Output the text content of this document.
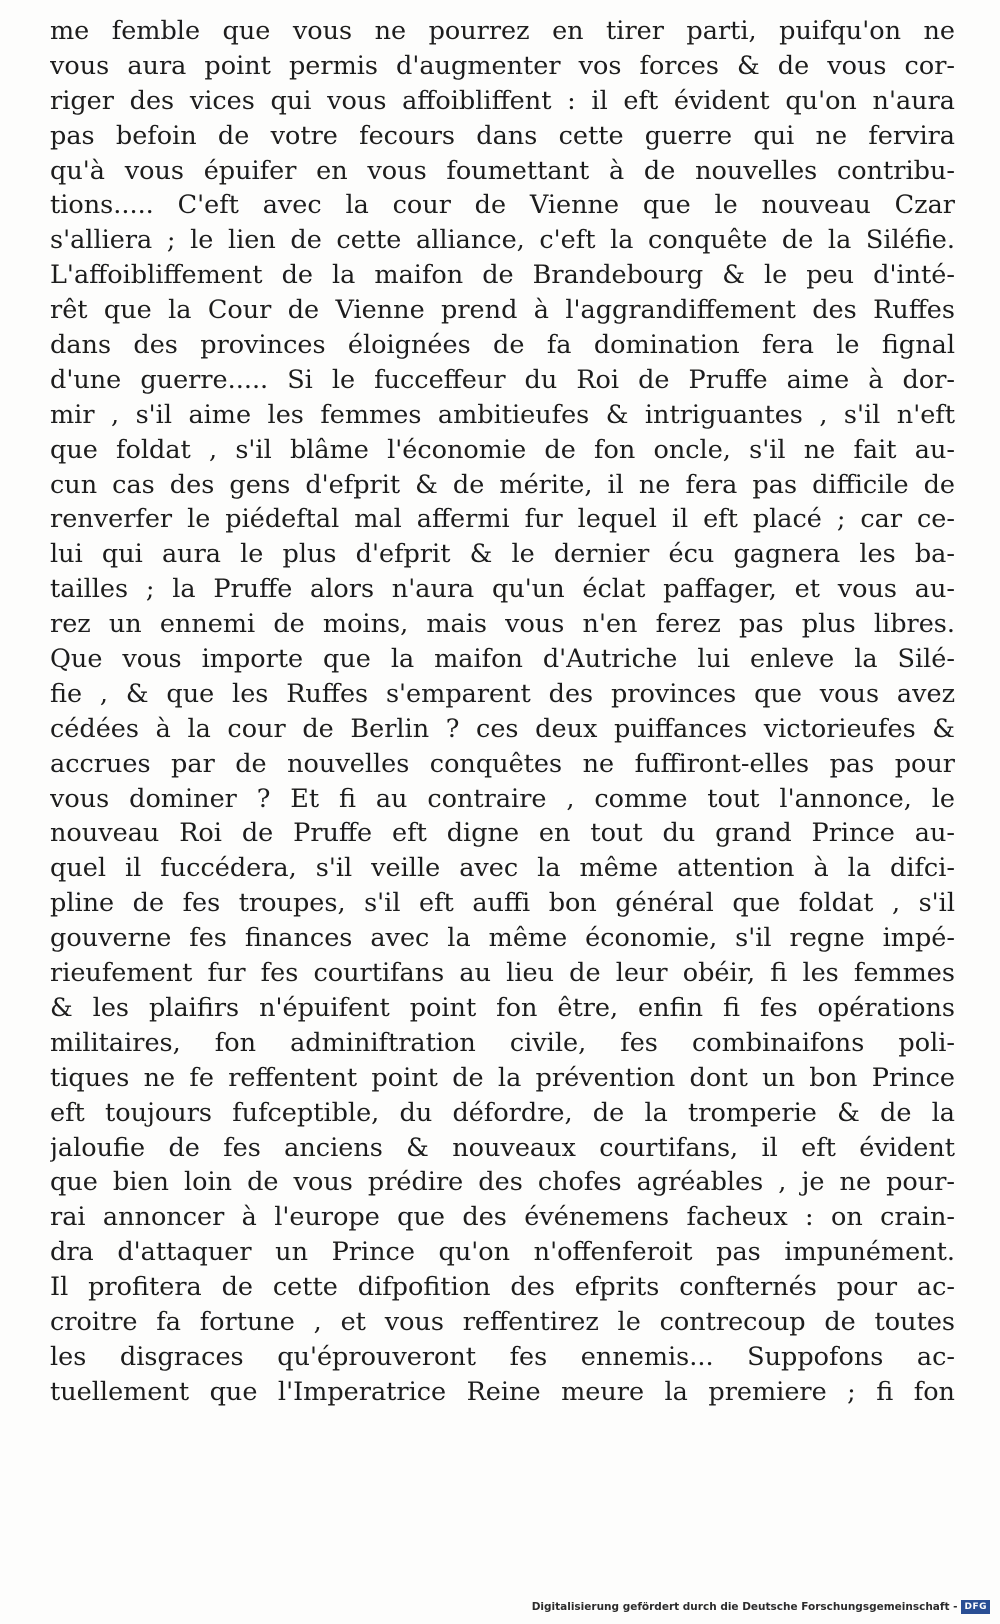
me femble que vous ne pourrez en tirer parti, puifqu'on ne
vous aura point permis d'augmenter vos forces & de vous cor-
riger des vices qui vous affoibliffent : il eft évident qu'on n'aura
pas befoin de votre fecours dans cette guerre qui ne fervira
qu'à vous épuifer en vous foumettant à de nouvelles contribu-
tions..... C'eft avec la cour de Vienne que le nouveau Czar
s'alliera ; le lien de cette alliance, c'eft la conquête de la Siléfie.
L'affoibliffement de la maifon de Brandebourg & le peu d'inté-
rêt que la Cour de Vienne prend à l'aggrandiffement des Ruffes
dans des provinces éloignées de fa domination fera le fignal
d'une guerre..... Si le fucceffeur du Roi de Pruffe aime à dor-
mir , s'il aime les femmes ambitieufes & intriguantes , s'il n'eft
que foldat , s'il blâme l'économie de fon oncle, s'il ne fait au-
cun cas des gens d'efprit & de mérite, il ne fera pas difficile de
renverfer le piédeftal mal affermi fur lequel il eft placé ; car ce-
lui qui aura le plus d'efprit & le dernier écu gagnera les ba-
tailles ; la Pruffe alors n'aura qu'un éclat paffager, et vous au-
rez un ennemi de moins, mais vous n'en ferez pas plus libres.
Que vous importe que la maifon d'Autriche lui enleve la Silé-
fie , & que les Ruffes s'emparent des provinces que vous avez
cédées à la cour de Berlin ? ces deux puiffances victorieufes &
accrues par de nouvelles conquêtes ne fuffiront-elles pas pour
vous dominer ? Et fi au contraire , comme tout l'annonce, le
nouveau Roi de Pruffe eft digne en tout du grand Prince au-
quel il fuccédera, s'il veille avec la même attention à la difci-
pline de fes troupes, s'il eft auffi bon général que foldat , s'il
gouverne fes finances avec la même économie, s'il regne impé-
rieufement fur fes courtifans au lieu de leur obéir, fi les femmes
& les plaifirs n'épuifent point fon être, enfin fi fes opérations
militaires, fon adminiftration civile, fes combinaifons poli-
tiques ne fe reffentent point de la prévention dont un bon Prince
eft toujours fufceptible, du défordre, de la tromperie & de la
jaloufie de fes anciens & nouveaux courtifans, il eft évident
que bien loin de vous prédire des chofes agréables , je ne pour-
rai annoncer à l'europe que des événemens facheux : on crain-
dra d'attaquer un Prince qu'on n'offenferoit pas impunément.
Il profitera de cette difpofition des efprits confternés pour ac-
croitre fa fortune , et vous reffentirez le contrecoup de toutes
les disgraces qu'éprouveront fes ennemis... Suppofons ac-
tuellement que l'Imperatrice Reine meure la premiere ; fi fon
Digitalisierung gefördert durch die Deutsche Forschungsgemeinschaft - DFG
